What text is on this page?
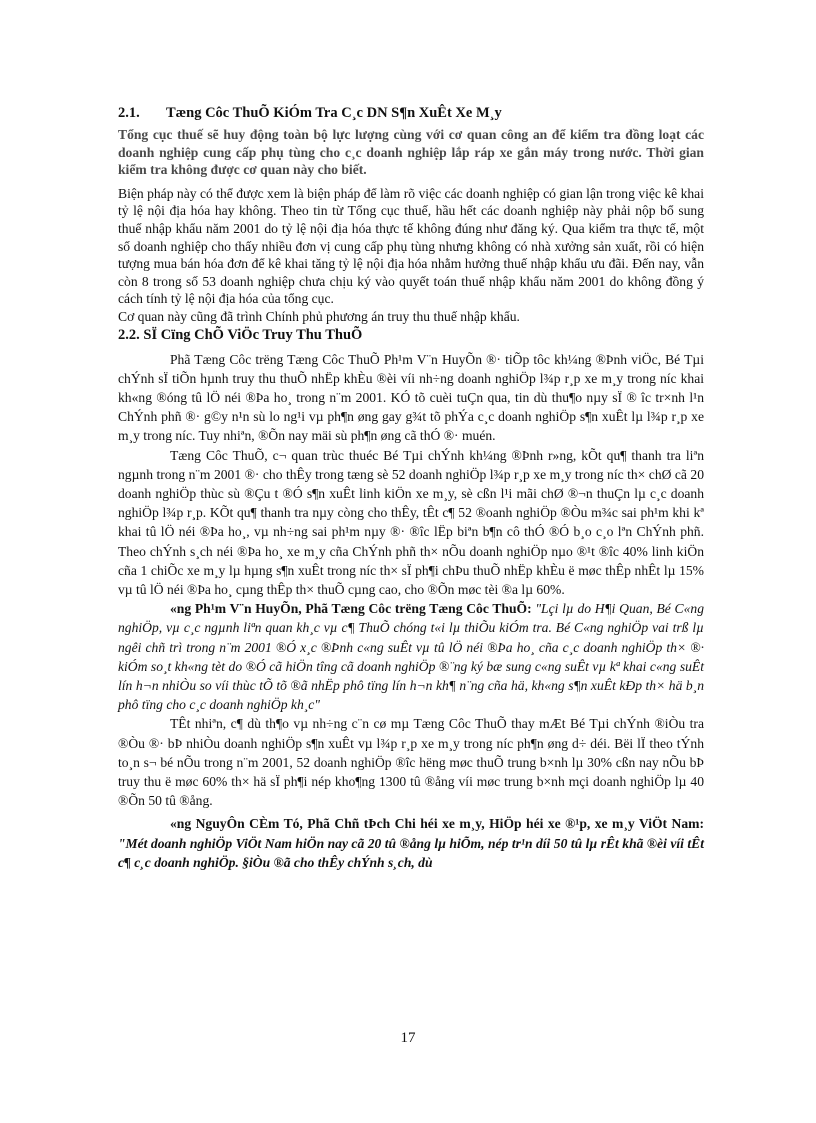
2.1. Tæng Côc ThuÕ KiÓm Tra C¸c DN S¶n XuÊt Xe M¸y

Tổng cục thuế sẽ huy động toàn bộ lực lượng cùng với cơ quan công an để kiểm tra đồng loạt các doanh nghiệp cung cấp phụ tùng cho c¸c doanh nghiệp lắp ráp xe gắn máy trong nước. Thời gian kiểm tra không được cơ quan này cho biết.

Biện pháp này có thể được xem là biện pháp để làm rõ việc các doanh nghiệp có gian lận trong việc kê khai tỷ lệ nội địa hóa hay không. Theo tin từ Tổng cục thuế, hầu hết các doanh nghiệp này phải nộp bổ sung thuế nhập khẩu năm 2001 do tỷ lệ nội địa hóa thực tế không đúng như đăng ký. Qua kiểm tra thực tế, một số doanh nghiệp cho thấy nhiều đơn vị cung cấp phụ tùng nhưng không có nhà xưởng sản xuất, rồi có hiện tượng mua bán hóa đơn để kê khai tăng tỷ lệ nội địa hóa nhằm hưởng thuế nhập khẩu ưu đãi. Đến nay, vẫn còn 8 trong số 53 doanh nghiệp chưa chịu ký vào quyết toán thuế nhập khẩu năm 2001 do không đồng ý cách tính tỷ lệ nội địa hóa của tổng cục.

Cơ quan này cũng đã trình Chính phủ phương án truy thu thuế nhập khẩu.

2.2. SÏ Cïng ChÕ ViÖc Truy Thu ThuÕ

Phã Tæng Côc trëng Tæng Côc ThuÕ Ph¹m V¨n HuyÕn ®· tiÕp tôc kh¼ng ®Þnh viÖc, Bé Tµi chÝnh sÏ tiÕn hµnh truy thu thuÕ nhËp khÈu ®èi víi nh÷ng doanh nghiÖp l¾p r¸p xe m¸y trong níc khai kh«ng ®óng tû lÖ néi ®Þa ho¸ trong n¨m 2001. KÓ tõ cuèi tuÇn qua, tin dù thu¶o nµy sÏ ® îc tr×nh l¹n ChÝnh phñ ®· g©y n¹n sù lo ng¹i vµ ph¶n øng gay g¾t tõ phÝa c¸c doanh nghiÖp s¶n xuÊt lµ l¾p r¸p xe m¸y trong níc. Tuy nhiªn, ®Õn nay mäi sù ph¶n øng cã thÓ ®· muén.

Tæng Côc ThuÕ, c¬ quan trùc thuéc Bé Tµi chÝnh kh¼ng ®Þnh r»ng, kÕt qu¶ thanh tra liªn ngµnh trong n¨m 2001 ®· cho thÊy trong tæng sè 52 doanh nghiÖp l¾p r¸p xe m¸y trong níc th× chØ cã 20 doanh nghiÖp thùc sù ®Çu t ®Ó s¶n xuÊt linh kiÖn xe m¸y, sè cßn l¹i mãi chØ ®¬n thuÇn lµ c¸c doanh nghiÖp l¾p r¸p. KÕt qu¶ thanh tra nµy còng cho thÊy, tÊt c¶ 52 ®oanh nghiÖp ®Òu m¾c sai ph¹m khi kª khai tû lÖ néi ®Þa ho¸, vµ nh÷ng sai ph¹m nµy ®· ®îc lËp biªn b¶n cô thÓ ®Ó b¸o c¸o lªn ChÝnh phñ. Theo chÝnh s¸ch néi ®Þa ho¸ xe m¸y cña ChÝnh phñ th× nÕu doanh nghiÖp nµo ®¹t ®îc 40% linh kiÖn cña 1 chiÕc xe m¸y lµ hµng s¶n xuÊt trong níc th× sÏ ph¶i chÞu thuÕ nhËp khÈu ë møc thÊp nhÊt lµ 15% vµ tû lÖ néi ®Þa ho¸ cµng thÊp th× thuÕ cµng cao, cho ®Õn møc tèi ®a lµ 60%.

«ng Ph¹m V¨n HuyÕn, Phã Tæng Côc trëng Tæng Côc ThuÕ: "Lçi lµ do H¶i Quan, Bé C«ng nghiÖp, vµ c¸c ngµnh liªn quan kh¸c vµ c¶ ThuÕ chóng t«i lµ thiÕu kiÓm tra. Bé C«ng nghiÖp vai trß lµ ngêi chñ trì trong n¨m 2001 ®Ó x¸c ®Þnh c«ng suÊt vµ tû lÖ néi ®Þa ho¸ cña c¸c doanh nghiÖp th× ®· kiÓm so¸t kh«ng tèt do ®Ó cã hiÖn tîng cã doanh nghiÖp ®¨ng ký bæ sung c«ng suÊt vµ kª khai c«ng suÊt lín h¬n nhiÒu so víi thùc tÕ tõ ®ã nhËp phô tïng lín h¬n kh¶ n¨ng cña hä, kh«ng s¶n xuÊt kÐp th× hä b¸n phô tïng cho c¸c doanh nghiÖp kh¸c"

TÊt nhiªn, c¶ dù th¶o vµ nh÷ng c¨n cø mµ Tæng Côc ThuÕ thay mÆt Bé Tµi chÝnh ®iÒu tra ®Òu ®· bÞ nhiÒu doanh nghiÖp s¶n xuÊt vµ l¾p r¸p xe m¸y trong níc ph¶n øng d÷ déi. Bëi lÏ theo tÝnh to¸n s¬ bé nÕu trong n¨m 2001, 52 doanh nghiÖp ®îc hëng møc thuÕ trung b×nh lµ 30% cßn nay nÕu bÞ truy thu ë møc 60% th× hä sÏ ph¶i nép kho¶ng 1300 tû ®ång víi møc trung b×nh mçi doanh nghiÖp lµ 40 ®Õn 50 tû ®ång.

«ng NguyÔn CÈm Tó, Phã Chñ tÞch Chi héi xe m¸y, HiÖp héi xe ®¹p, xe m¸y ViÖt Nam: "Mét doanh nghiÖp ViÖt Nam hiÖn nay cã 20 tû ®ång lµ hiÕm, nép tr¹n díi 50 tû lµ rÊt khã ®èi víi tÊt c¶ c¸c doanh nghiÖp. §iÒu ®ã cho thÊy chÝnh s¸ch, dù

17
